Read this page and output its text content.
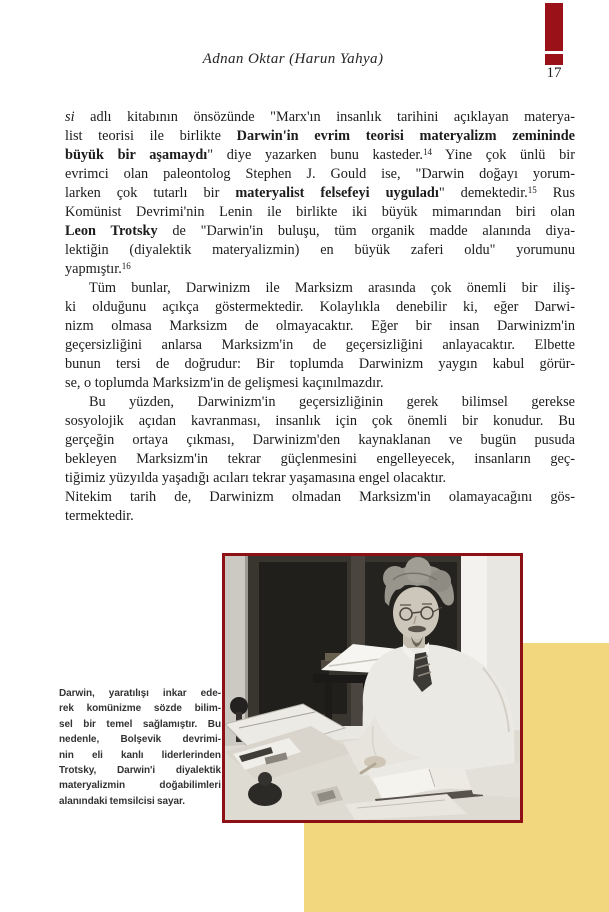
Adnan Oktar (Harun Yahya)
17
si adlı kitabının önsözünde "Marx'ın insanlık tarihini açıklayan materya-
list teorisi ile birlikte Darwin'in evrim teorisi materyalizm zemininde
büyük bir aşamaydı" diye yazarken bunu kasteder.$^{14}$ Yine çok ünlü bir
evrimci olan paleontolog Stephen J. Gould ise, "Darwin doğayı yorum-
larken çok tutarlı bir materyalist felsefeyi uyguladı" demektedir.$^{15}$ Rus
Komünist Devrimi'nin Lenin ile birlikte iki büyük mimarından biri olan
Leon Trotsky de "Darwin'in buluşu, tüm organik madde alanında diya-
lektiğin (diyalektik materyalizmin) en büyük zaferi oldu" yorumunu
yapmıştır.$^{16}$
Tüm bunlar, Darwinizm ile Marksizm arasında çok önemli bir iliş-
ki olduğunu açıkça göstermektedir. Kolaylıkla denebilir ki, eğer Darwi-
nizm olmasa Marksizm de olmayacaktır. Eğer bir insan Darwinizm'in
geçersizliğini anlarsa Marksizm'in de geçersizliğini anlayacaktır. Elbette
bunun tersi de doğrudur: Bir toplumda Darwinizm yaygın kabul görür-
se, o toplumda Marksizm'in de gelişmesi kaçınılmazdır.
Bu yüzden, Darwinizm'in geçersizliğinin gerek bilimsel gerekse
sosyolojik açıdan kavranması, insanlık için çok önemli bir konudur. Bu
gerçeğin ortaya çıkması, Darwinizm'den kaynaklanan ve bugün pusuda
bekleyen Marksizm'in tekrar güçlenmesini engelleyecek, insanların geç-
tiğimiz yüzyılda yaşadığı acıları tekrar yaşamasına engel olacaktır.
Nitekim tarih de, Darwinizm olmadan Marksizm'in olamayacağını gös-
termektedir.
Darwin, yaratılışı inkar ede-
rek komünizme sözde bilim-
sel bir temel sağlamıştır. Bu
nedenle, Bolşevik devrimi-
nin eli kanlı liderlerinden
Trotsky, Darwin'i diyalektik
materyalizmin doğabilimleri
alanındaki temsilcisi sayar.
